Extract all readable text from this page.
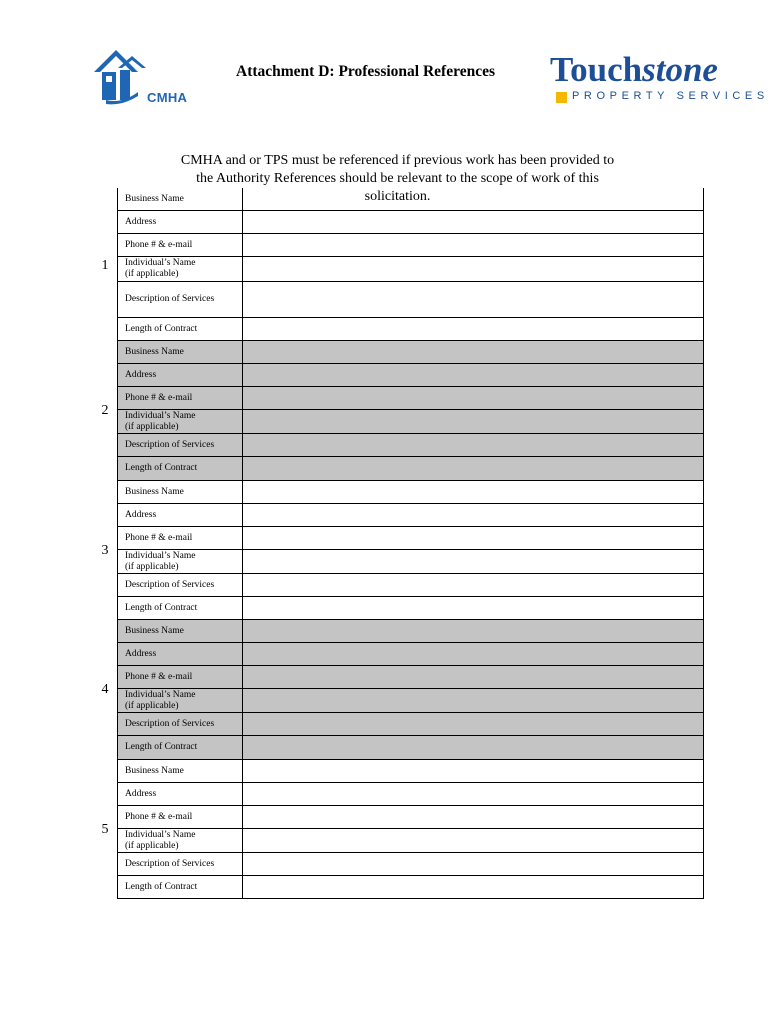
CMHA
Attachment D: Professional References Touchstone
PROPERTY SERVICES
CMHA and or TPS must be referenced if previous work has been provided to
the Authority References should be relevant to the scope of work of this
solicitation.
1
Business Name
Address
Phone # & e-mail
Individual’s Name
(if applicable)
Description of Services
Length of Contract
2
Business Name
Address
Phone # & e-mail
Individual’s Name
(if applicable)
Description of Services
Length of Contract
3
Business Name
Address
Phone # & e-mail
Individual’s Name
(if applicable)
Description of Services
Length of Contract
4
Business Name
Address
Phone # & e-mail
Individual’s Name
(if applicable)
Description of Services
Length of Contract
5
Business Name
Address
Phone # & e-mail
Individual’s Name
(if applicable)
Description of Services
Length of Contract
